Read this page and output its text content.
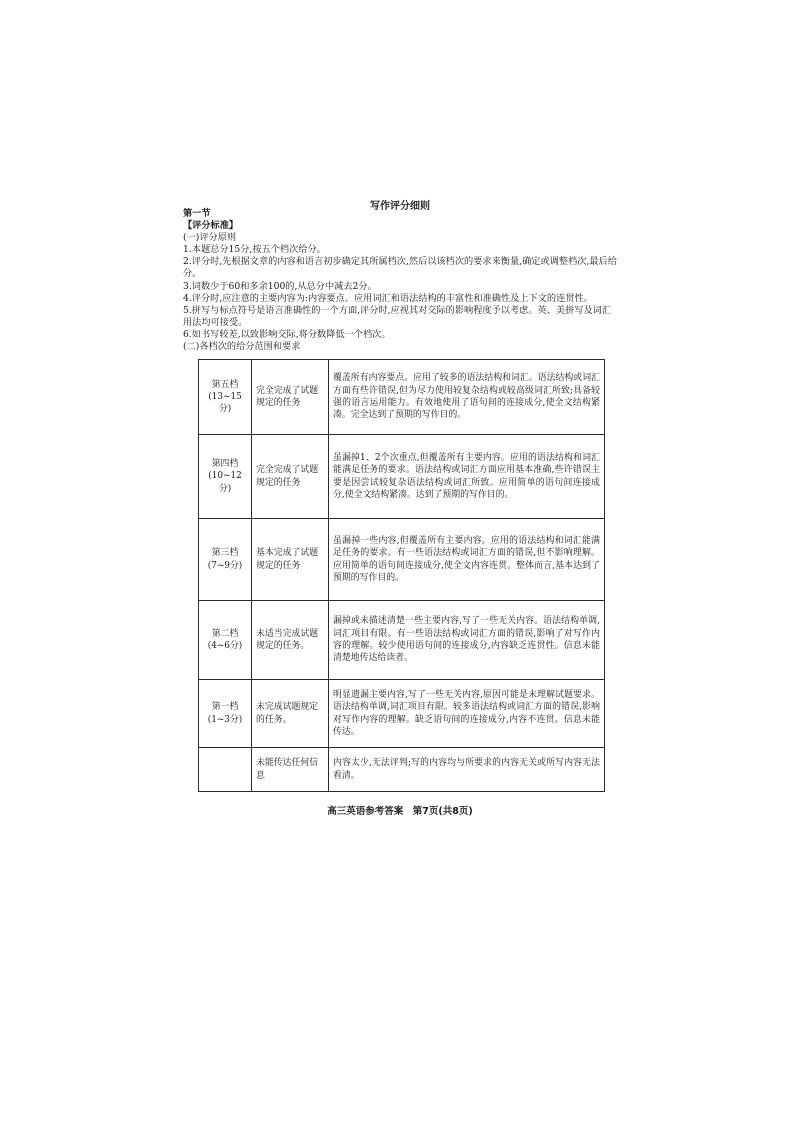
写作评分细则

第一节

【评分标准】

(一)评分原则

1.本题总分15分,按五个档次给分。

2.评分时,先根据文章的内容和语言初步确定其所属档次,然后以该档次的要求来衡量,确定或调整档次,最后给分。

3.词数少于60和多余100的,从总分中减去2分。

4.评分时,应注意的主要内容为:内容要点、应用词汇和语法结构的丰富性和准确性及上下文的连贯性。

5.拼写与标点符号是语言准确性的一个方面,评分时,应视其对交际的影响程度予以考虑。英、美拼写及词汇用法均可接受。

6.如书写较差,以致影响交际,将分数降低一个档次。

(二)各档次的给分范围和要求

第五档
(13~15分)	完全完成了试题规定的任务	覆盖所有内容要点。应用了较多的语法结构和词汇。语法结构或词汇方面有些许错误,但为尽力使用较复杂结构或较高级词汇所致;具备较强的语言运用能力。有效地使用了语句间的连接成分,使全文结构紧凑。完全达到了预期的写作目的。

第四档
(10~12分)	完全完成了试题规定的任务	虽漏掉1、2个次重点,但覆盖所有主要内容。应用的语法结构和词汇能满足任务的要求。语法结构或词汇方面应用基本准确,些许错误主要是因尝试较复杂语法结构或词汇所致。应用简单的语句间连接成分,使全文结构紧凑。达到了预期的写作目的。

第三档
(7~9分)	基本完成了试题规定的任务	虽漏掉一些内容,但覆盖所有主要内容。应用的语法结构和词汇能满足任务的要求。有一些语法结构或词汇方面的错误,但不影响理解。应用简单的语句间连接成分,使全文内容连贯。整体而言,基本达到了预期的写作目的。

第二档
(4~6分)	未适当完成试题规定的任务。	漏掉或未描述清楚一些主要内容,写了一些无关内容。语法结构单调,词汇项目有限。有一些语法结构或词汇方面的错误,影响了对写作内容的理解。较少使用语句间的连接成分,内容缺乏连贯性。信息未能清楚地传达给读者。

第一档
(1~3分)	未完成试题规定的任务。	明显遗漏主要内容,写了一些无关内容,原因可能是未理解试题要求。语法结构单调,词汇项目有限。较多语法结构或词汇方面的错误,影响对写作内容的理解。缺乏语句间的连接成分,内容不连贯。信息未能传达。

	未能传达任何信息	内容太少,无法评判;写的内容均与所要求的内容无关或所写内容无法看清。
高三英语参考答案　第7页(共8页)
